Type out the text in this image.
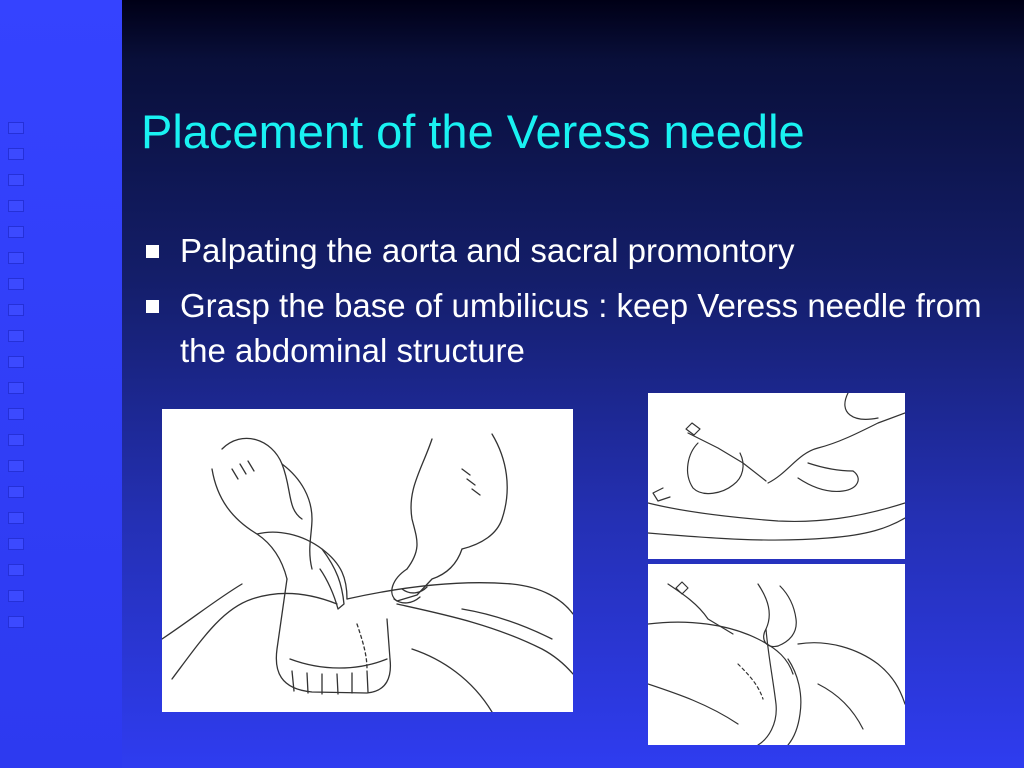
Placement of the Veress needle
Palpating the aorta and sacral promontory
Grasp the base of umbilicus : keep Veress needle from the abdominal structure
